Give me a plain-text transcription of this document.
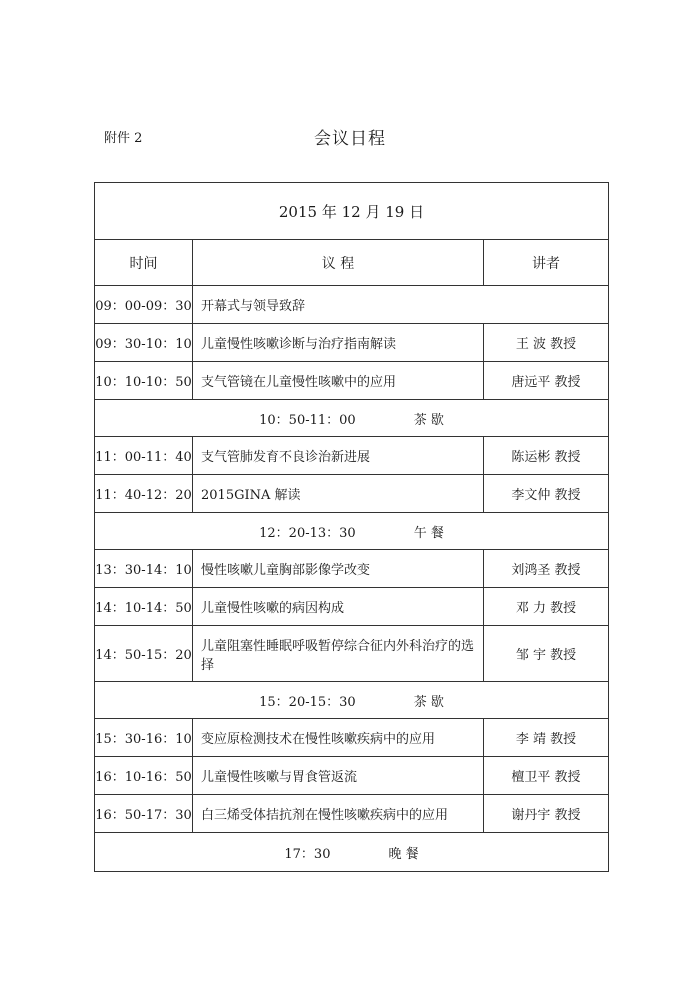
附件 2	会议日程
2015 年 12 月 19 日		
时间	议 程	讲者
09：00-09：30	开幕式与领导致辞	
09：30-10：10	儿童慢性咳嗽诊断与治疗指南解读	王 波 教授
10：10-10：50	支气管镜在儿童慢性咳嗽中的应用	唐远平 教授
10：50-11：00 茶 歇		
11：00-11：40	支气管肺发育不良诊治新进展	陈运彬 教授
11：40-12：20	2015GINA 解读	李文仲 教授
12：20-13：30 午 餐		
13：30-14：10	慢性咳嗽儿童胸部影像学改变	刘鸿圣 教授
14：10-14：50	儿童慢性咳嗽的病因构成	邓 力 教授
14：50-15：20	儿童阻塞性睡眠呼吸暂停综合征内外科治疗的选择	邹 宇 教授
15：20-15：30 茶 歇		
15：30-16：10	变应原检测技术在慢性咳嗽疾病中的应用	李 靖 教授
16：10-16：50	儿童慢性咳嗽与胃食管返流	檀卫平 教授
16：50-17：30	白三烯受体拮抗剂在慢性咳嗽疾病中的应用	谢丹宇 教授
17：30 晚 餐		
